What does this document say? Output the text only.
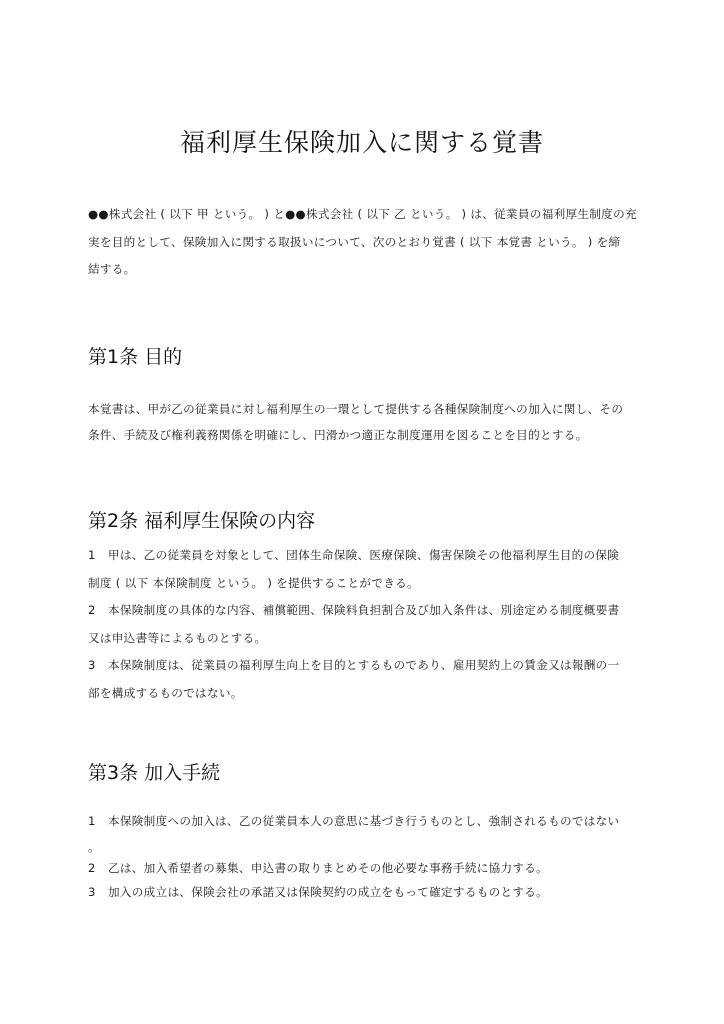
福利厚生保険加入に関する覚書
●●株式会社 ( 以下 甲 という。 ) と●●株式会社 ( 以下 乙 という。 ) は、従業員の福利厚生制度の充
実を目的として、保険加入に関する取扱いについて、次のとおり覚書 ( 以下 本覚書 という。 ) を締
結する。
第1条 目的
本覚書は、甲が乙の従業員に対し福利厚生の一環として提供する各種保険制度への加入に関し、その
条件、手続及び権利義務関係を明確にし、円滑かつ適正な制度運用を図ることを目的とする。
第2条 福利厚生保険の内容
1 甲は、乙の従業員を対象として、団体生命保険、医療保険、傷害保険その他福利厚生目的の保険
制度 ( 以下 本保険制度 という。 ) を提供することができる。
2 本保険制度の具体的な内容、補償範囲、保険料負担割合及び加入条件は、別途定める制度概要書
又は申込書等によるものとする。
3 本保険制度は、従業員の福利厚生向上を目的とするものであり、雇用契約上の賃金又は報酬の一
部を構成するものではない。
第3条 加入手続
1 本保険制度への加入は、乙の従業員本人の意思に基づき行うものとし、強制されるものではない
。
2 乙は、加入希望者の募集、申込書の取りまとめその他必要な事務手続に協力する。
3 加入の成立は、保険会社の承諾又は保険契約の成立をもって確定するものとする。
